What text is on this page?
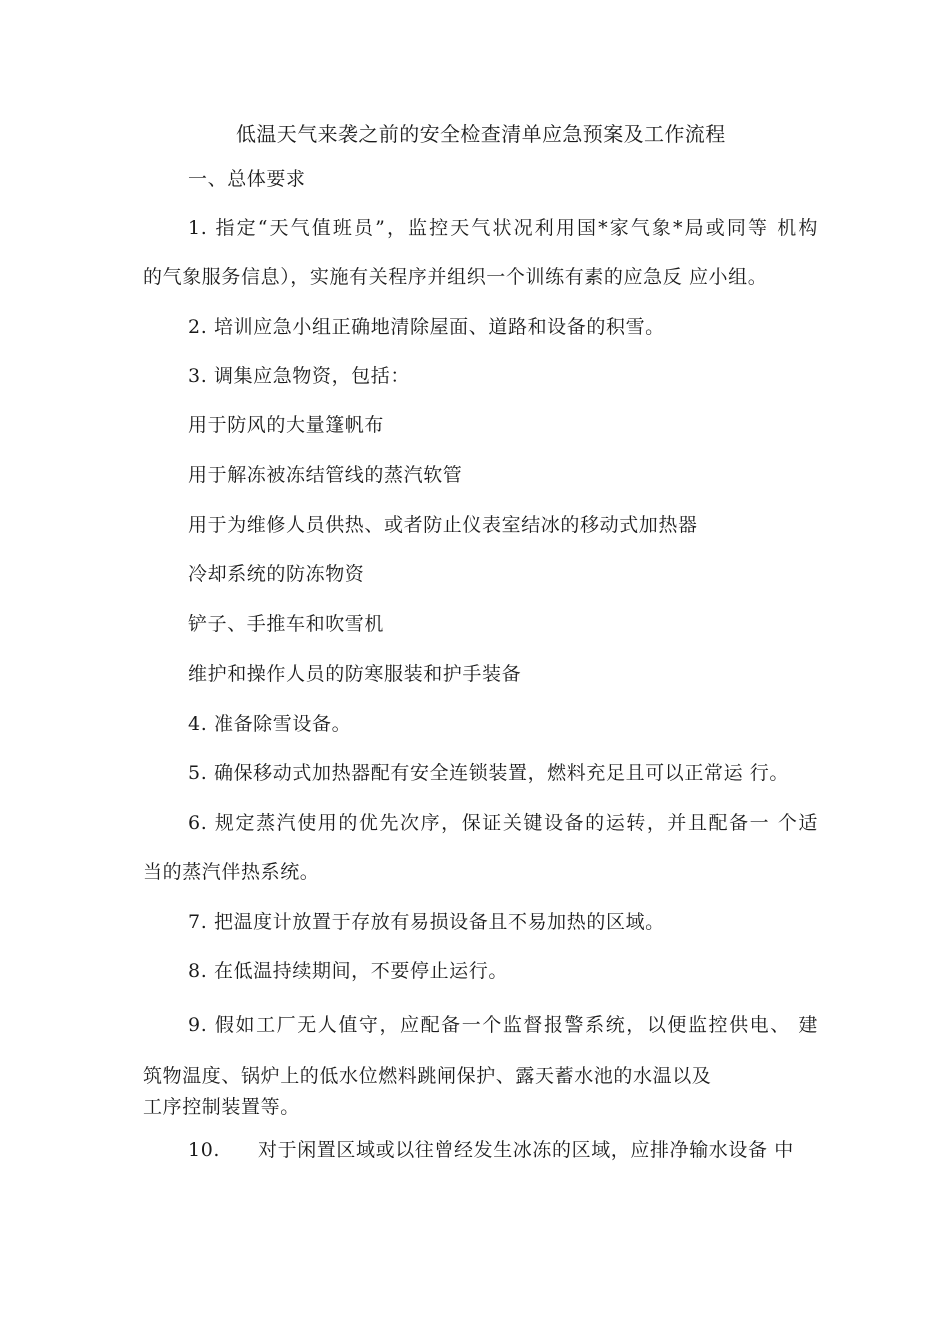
低温天气来袭之前的安全检查清单应急预案及工作流程
一、总体要求
1. 指定“天气值班员”，监控天气状况利用国*家气象*局或同等 机构
的气象服务信息），实施有关程序并组织一个训练有素的应急反 应小组。
2. 培训应急小组正确地清除屋面、道路和设备的积雪。
3. 调集应急物资，包括：
用于防风的大量篷帆布
用于解冻被冻结管线的蒸汽软管
用于为维修人员供热、或者防止仪表室结冰的移动式加热器
冷却系统的防冻物资
铲子、手推车和吹雪机
维护和操作人员的防寒服装和护手装备
4. 准备除雪设备。
5. 确保移动式加热器配有安全连锁装置，燃料充足且可以正常运 行。
6. 规定蒸汽使用的优先次序，保证关键设备的运转，并且配备一 个适
当的蒸汽伴热系统。
7. 把温度计放置于存放有易损设备且不易加热的区域。
8. 在低温持续期间，不要停止运行。
9. 假如工厂无人值守，应配备一个监督报警系统，以便监控供电、 建
筑物温度、锅炉上的低水位燃料跳闸保护、露天蓄水池的水温以及
工序控制装置等。
10. 对于闲置区域或以往曾经发生冰冻的区域，应排净输水设备 中
